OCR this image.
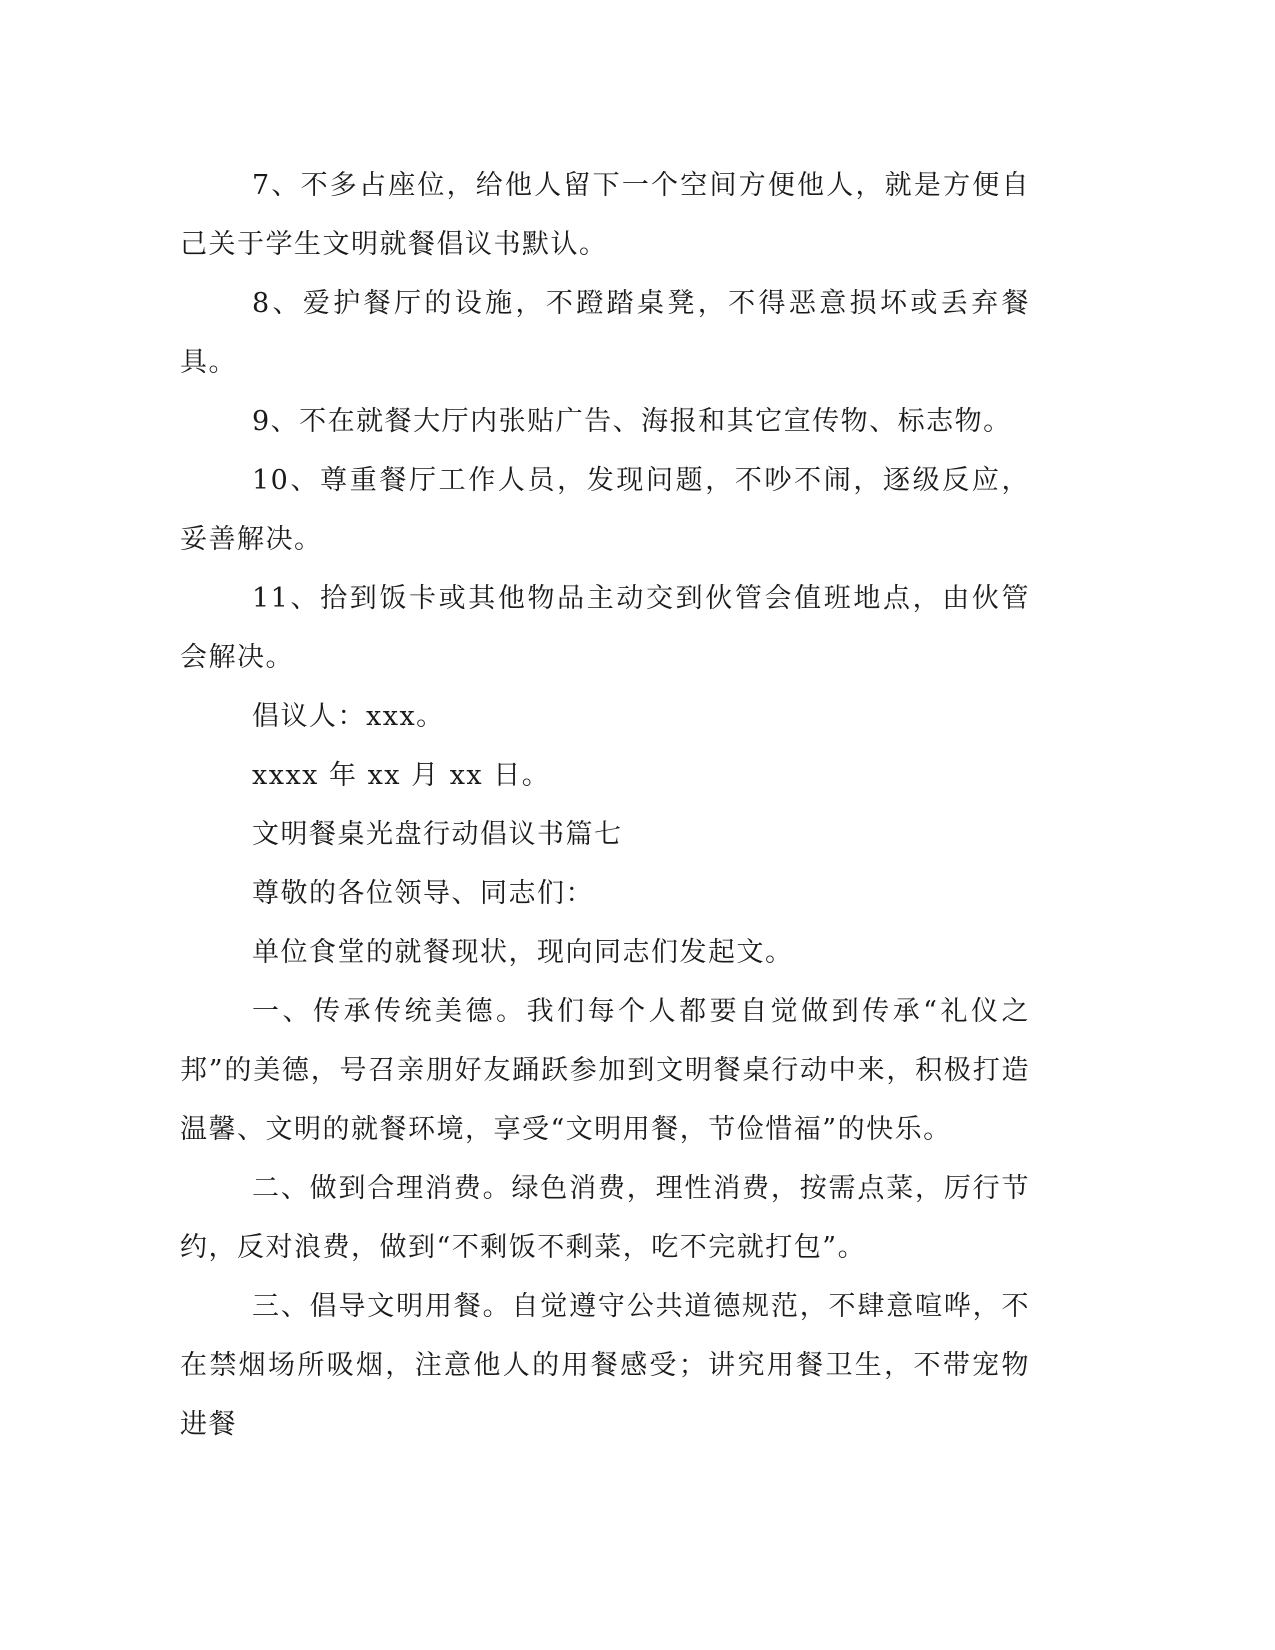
7、不多占座位，给他人留下一个空间方便他人，就是方便自己关于学生文明就餐倡议书默认。

8、爱护餐厅的设施，不蹬踏桌凳，不得恶意损坏或丢弃餐具。

9、不在就餐大厅内张贴广告、海报和其它宣传物、标志物。

10、尊重餐厅工作人员，发现问题，不吵不闹，逐级反应，妥善解决。

11、拾到饭卡或其他物品主动交到伙管会值班地点，由伙管会解决。

倡议人：xxx。

xxxx 年 xx 月 xx 日。

文明餐桌光盘行动倡议书篇七

尊敬的各位领导、同志们：

单位食堂的就餐现状，现向同志们发起文。

一、传承传统美德。我们每个人都要自觉做到传承“礼仪之邦”的美德，号召亲朋好友踊跃参加到文明餐桌行动中来，积极打造温馨、文明的就餐环境，享受“文明用餐，节俭惜福”的快乐。

二、做到合理消费。绿色消费，理性消费，按需点菜，厉行节约，反对浪费，做到“不剩饭不剩菜，吃不完就打包”。

三、倡导文明用餐。自觉遵守公共道德规范，不肆意喧哗，不在禁烟场所吸烟，注意他人的用餐感受；讲究用餐卫生，不带宠物进餐
